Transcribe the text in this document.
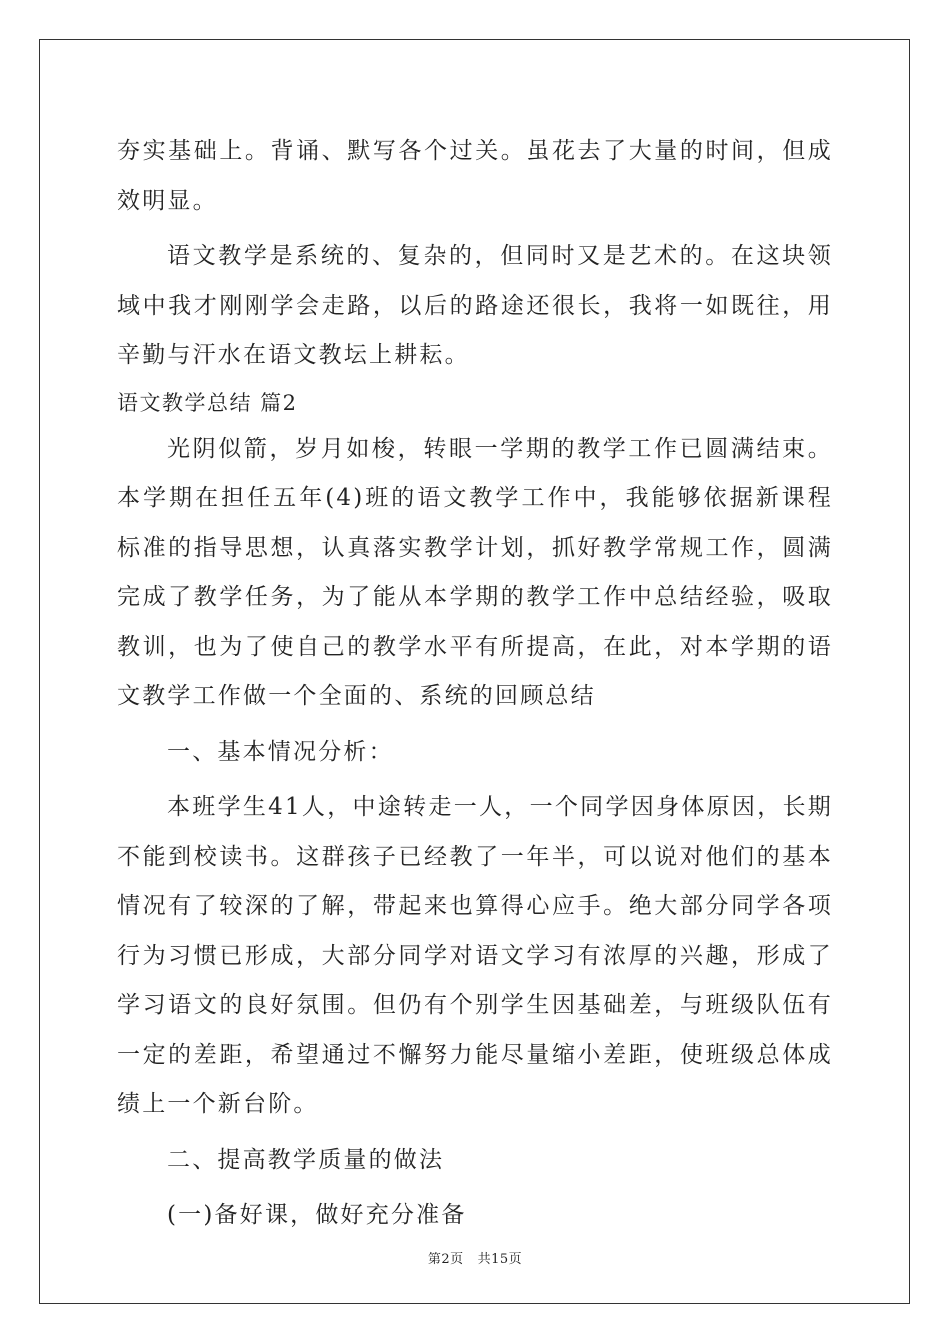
夯实基础上。背诵、默写各个过关。虽花去了大量的时间，但成效明显。

语文教学是系统的、复杂的，但同时又是艺术的。在这块领域中我才刚刚学会走路，以后的路途还很长，我将一如既往，用辛勤与汗水在语文教坛上耕耘。

语文教学总结 篇2

光阴似箭，岁月如梭，转眼一学期的教学工作已圆满结束。本学期在担任五年(4)班的语文教学工作中，我能够依据新课程标准的指导思想，认真落实教学计划，抓好教学常规工作，圆满完成了教学任务，为了能从本学期的教学工作中总结经验，吸取教训，也为了使自己的教学水平有所提高，在此，对本学期的语文教学工作做一个全面的、系统的回顾总结

一、基本情况分析：

本班学生41人，中途转走一人，一个同学因身体原因，长期不能到校读书。这群孩子已经教了一年半，可以说对他们的基本情况有了较深的了解，带起来也算得心应手。绝大部分同学各项行为习惯已形成，大部分同学对语文学习有浓厚的兴趣，形成了学习语文的良好氛围。但仍有个别学生因基础差，与班级队伍有一定的差距，希望通过不懈努力能尽量缩小差距，使班级总体成绩上一个新台阶。

二、提高教学质量的做法

(一)备好课，做好充分准备

第2页 共15页
